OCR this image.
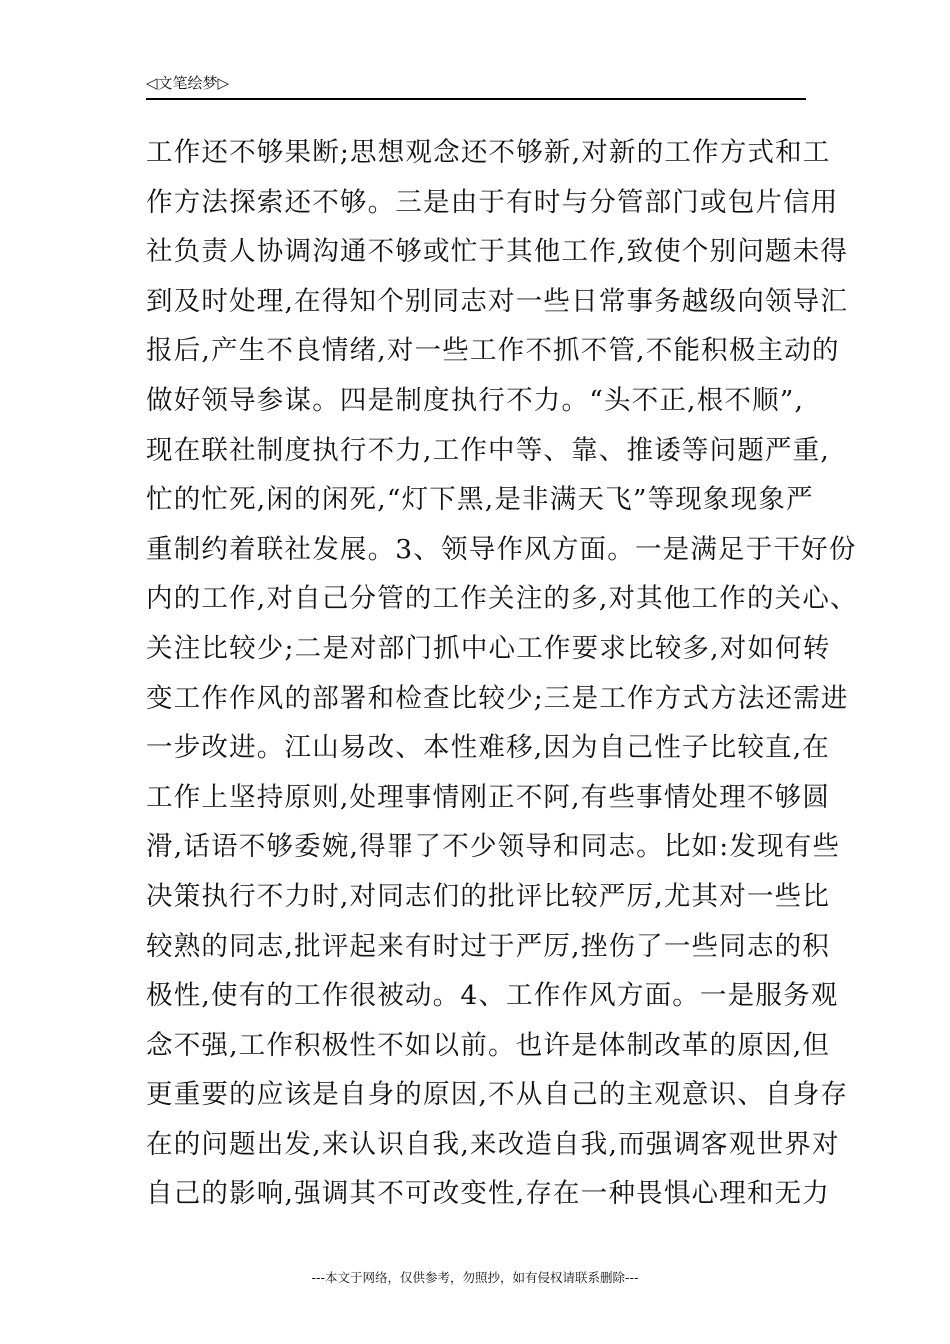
◁文笔绘梦▷
工作还不够果断;思想观念还不够新,对新的工作方式和工
作方法探索还不够。三是由于有时与分管部门或包片信用
社负责人协调沟通不够或忙于其他工作,致使个别问题未得
到及时处理,在得知个别同志对一些日常事务越级向领导汇
报后,产生不良情绪,对一些工作不抓不管,不能积极主动的
做好领导参谋。四是制度执行不力。“头不正,根不顺”,
现在联社制度执行不力,工作中等、靠、推诿等问题严重,
忙的忙死,闲的闲死,“灯下黑,是非满天飞”等现象现象严
重制约着联社发展。3、领导作风方面。一是满足于干好份
内的工作,对自己分管的工作关注的多,对其他工作的关心、
关注比较少;二是对部门抓中心工作要求比较多,对如何转
变工作作风的部署和检查比较少;三是工作方式方法还需进
一步改进。江山易改、本性难移,因为自己性子比较直,在
工作上坚持原则,处理事情刚正不阿,有些事情处理不够圆
滑,话语不够委婉,得罪了不少领导和同志。比如:发现有些
决策执行不力时,对同志们的批评比较严厉,尤其对一些比
较熟的同志,批评起来有时过于严厉,挫伤了一些同志的积
极性,使有的工作很被动。4、工作作风方面。一是服务观
念不强,工作积极性不如以前。也许是体制改革的原因,但
更重要的应该是自身的原因,不从自己的主观意识、自身存
在的问题出发,来认识自我,来改造自我,而强调客观世界对
自己的影响,强调其不可改变性,存在一种畏惧心理和无力
---本文于网络，仅供参考，勿照抄，如有侵权请联系删除---
